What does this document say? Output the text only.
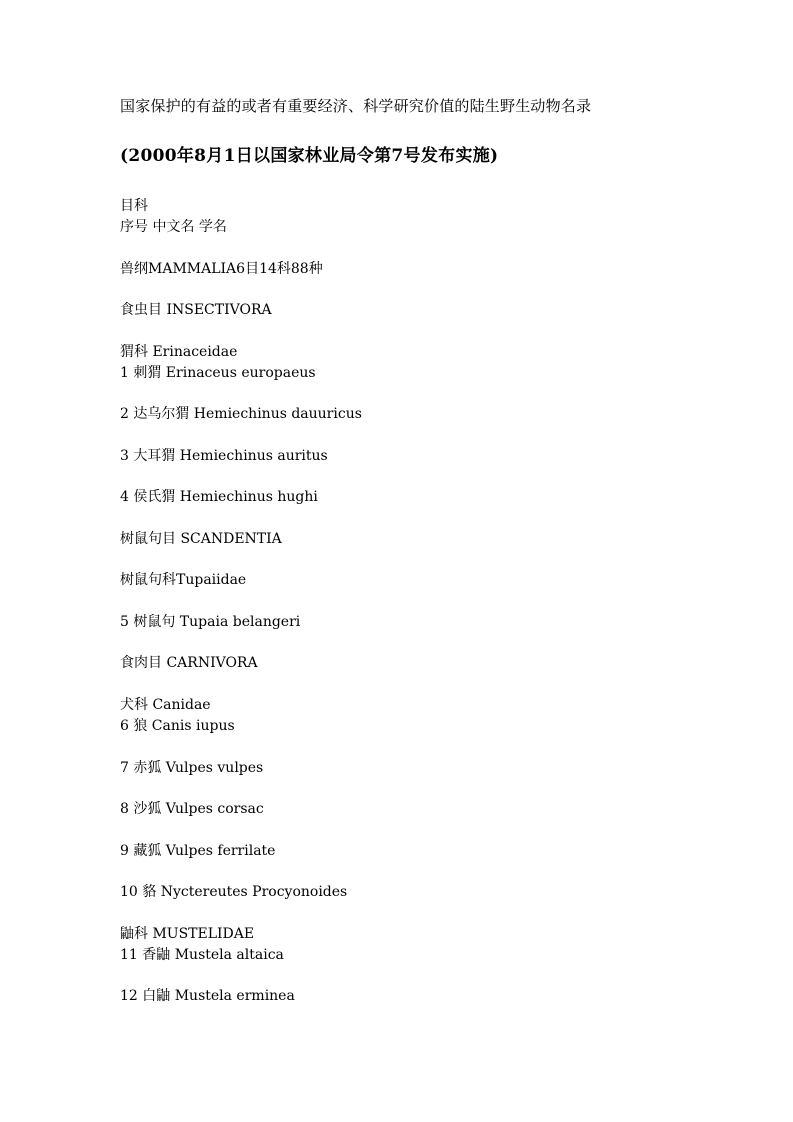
国家保护的有益的或者有重要经济、科学研究价值的陆生野生动物名录
(2000年8月1日以国家林业局令第7号发布实施)
目科
序号 中文名 学名
兽纲MAMMALIA6目14科88种
食虫目 INSECTIVORA
猬科 Erinaceidae
1 刺猬 Erinaceus europaeus
2 达乌尔猬 Hemiechinus dauuricus
3 大耳猬 Hemiechinus auritus
4 侯氏猬 Hemiechinus hughi
树鼠句目 SCANDENTIA
树鼠句科Tupaiidae
5 树鼠句 Tupaia belangeri
食肉目 CARNIVORA
犬科 Canidae
6 狼 Canis iupus
7 赤狐 Vulpes vulpes
8 沙狐 Vulpes corsac
9 藏狐 Vulpes ferrilate
10 貉 Nyctereutes Procyonoides
鼬科 MUSTELIDAE
11 香鼬 Mustela altaica
12 白鼬 Mustela erminea
